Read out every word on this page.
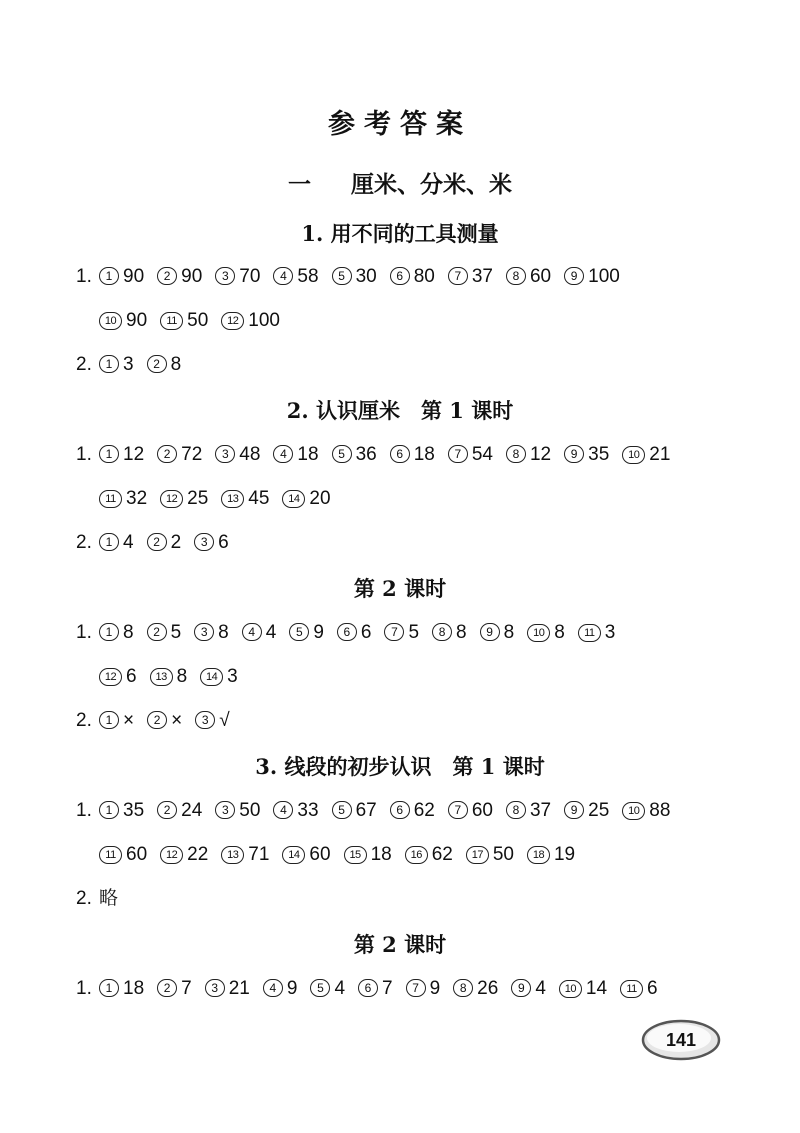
参考答案
一 厘米、分米、米
1. 用不同的工具测量
1. 1 90 2 90 3 70 4 58 5 30 6 80 7 37 8 60 9 100
10 90 11 50 12 100
2. 1 3 2 8
2. 认识厘米　第 1 课时
1. 1 12 2 72 3 48 4 18 5 36 6 18 7 54 8 12 9 35 10 21
11 32 12 25 13 45 14 20
2. 1 4 2 2 3 6
第 2 课时
1. 1 8 2 5 3 8 4 4 5 9 6 6 7 5 8 8 9 8 10 8 11 3
12 6 13 8 14 3
2. 1 × 2 × 3 √
3. 线段的初步认识　第 1 课时
1. 1 35 2 24 3 50 4 33 5 67 6 62 7 60 8 37 9 25 10 88
11 60 12 22 13 71 14 60 15 18 16 62 17 50 18 19
2. 略
第 2 课时
1. 1 18 2 7 3 21 4 9 5 4 6 7 7 9 8 26 9 4 10 14 11 6
141
